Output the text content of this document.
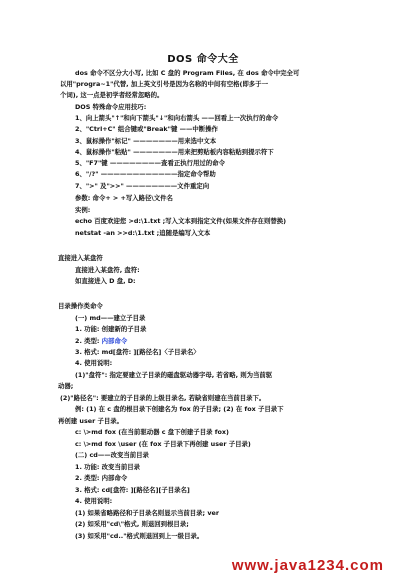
DOS 命令大全
dos 命令不区分大小写, 比如 C 盘的 Program Files, 在 dos 命令中完全可
以用"progra~1"代替, 加上英文引号是因为名称的中间有空格(即多于一
个词), 这一点是初学者经常忽略的。
DOS 特殊命令应用技巧:
1、向上箭头"↑"和向下箭头"↓"和向右箭头 ——回看上一次执行的命令
2、"Ctrl+C" 组合键或"Break"键 ——中断操作
3、鼠标操作"标记" ———————用来选中文本
4、鼠标操作"粘贴" ———————用来把剪贴板内容粘贴到提示符下
5、"F7"键 ————————查看正执行用过的命令
6、"/?" ————————————指定命令帮助
7、">" 及">>" ————————文件重定向
参数: 命令+ > +写入路径\文件名
实例:
echo 百度欢迎您 >d:\1.txt ;写入文本到指定文件(如果文件存在则替换)
netstat -an >>d:\1.txt ;追随是编写入文本
直接进入某盘符
直接进入某盘符, 盘符:
如直接进入 D 盘, D:
目录操作类命令
(一) md——建立子目录
1. 功能: 创建新的子目录
2. 类型: 内部命令
3. 格式: md[盘符: ][路径名]〈子目录名〉
4. 使用说明:
(1)"盘符": 指定要建立子目录的磁盘驱动器字母, 若省略, 则为当前驱
动器;
(2)"路径名": 要建立的子目录的上级目录名, 若缺省则建在当前目录下。
例: (1) 在 c 盘的根目录下创建名为 fox 的子目录; (2) 在 fox 子目录下
再创建 user 子目录。
c: \>md fox (在当前驱动器 c 盘下创建子目录 fox)
c: \>md fox \user (在 fox 子目录下再创建 user 子目录)
(二) cd——改变当前目录
1. 功能: 改变当前目录
2. 类型: 内部命令
3. 格式: cd[盘符: ][路径名][子目录名]
4. 使用说明:
(1) 如果省略路径和子目录名则显示当前目录; ver
(2) 如采用"cd\"格式, 则退回到根目录;
(3) 如采用"cd.."格式则退回到上一级目录。
www.java1234.com
